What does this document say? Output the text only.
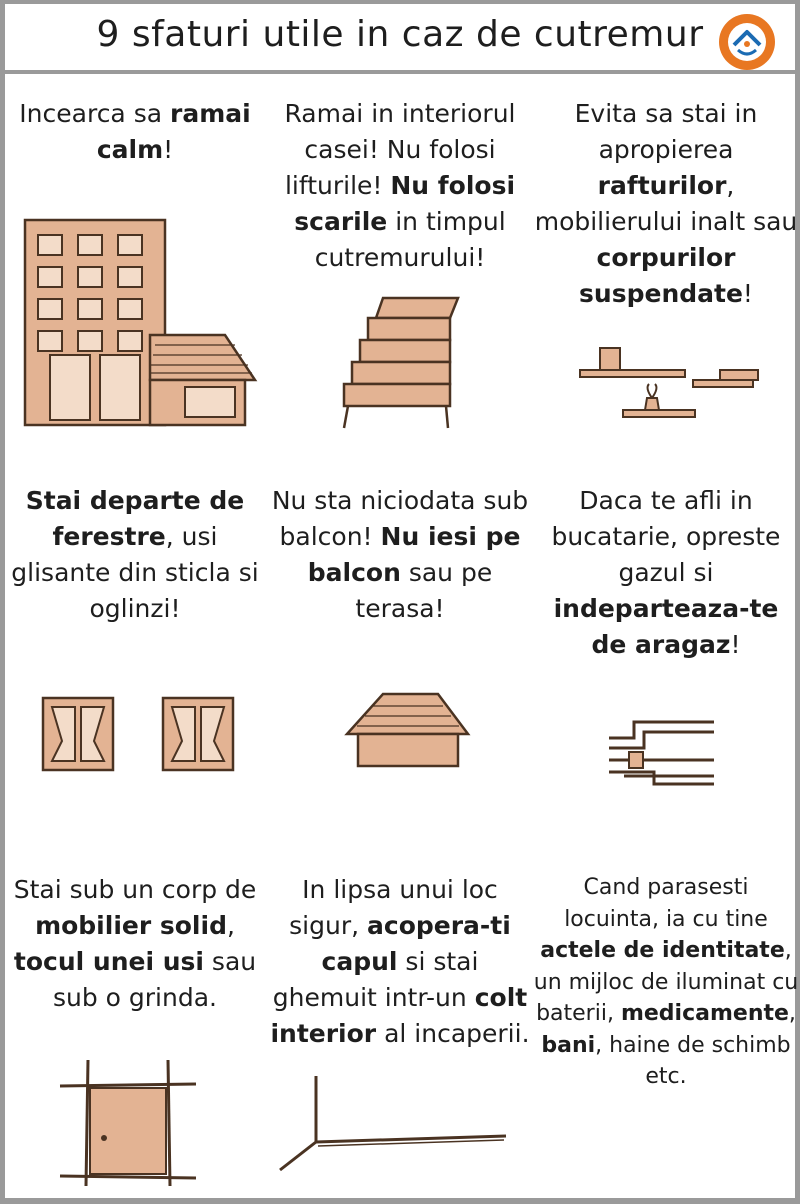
9 sfaturi utile in caz de cutremur
Incearca sa ramai calm!
Ramai in interiorul casei! Nu folosi lifturile! Nu folosi scarile in timpul cutremurului!
Evita sa stai in apropierea rafturilor, mobilierului inalt sau corpurilor suspendate!
Stai departe de ferestre, usi glisante din sticla si oglinzi!
Nu sta niciodata sub balcon! Nu iesi pe balcon sau pe terasa!
Daca te afli in bucatarie, opreste gazul si indeparteaza-te de aragaz!
Stai sub un corp de mobilier solid, tocul unei usi sau sub o grinda.
In lipsa unui loc sigur, acopera-ti capul si stai ghemuit intr-un colt interior al incaperii.
Cand parasesti locuinta, ia cu tine actele de identitate, un mijloc de iluminat cu baterii, medicamente, bani, haine de schimb etc.
